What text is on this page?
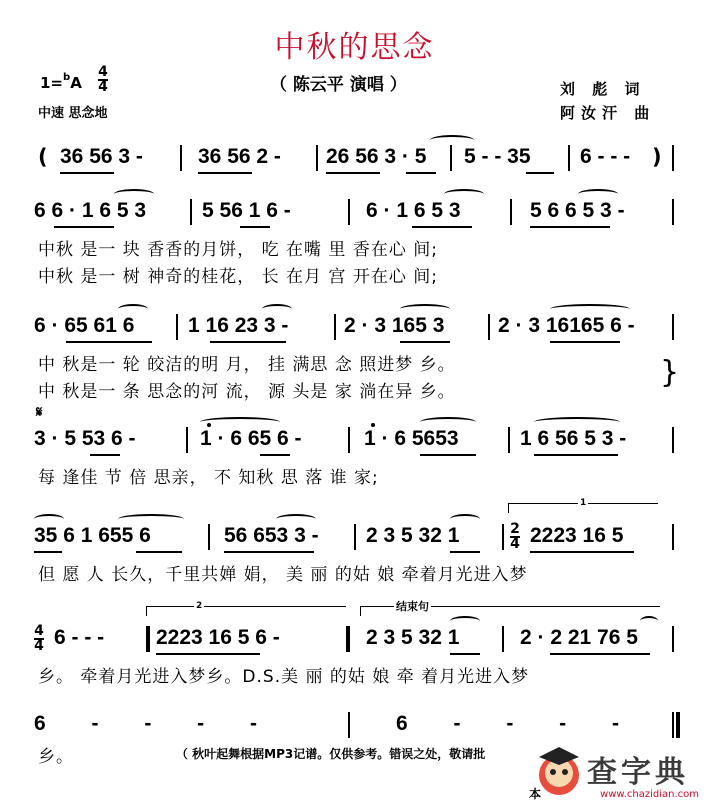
中秋的思念
（ 陈云平 演唱 ）
1=$^b$A
4
4
中速 思念地
刘 彪 词
阿汝汗 曲
( 36 56 3 -	36 56 2 - 26 56 3 · 5 5 - - 35 6 - - - )
6 6 · 1 6 5 3	5 56 1 6 -	6 · 1 6 5 3	5 6 6 5 3 -
中秋 是一 块 香香的月饼， 吃 在嘴 里 香在心 间;
中秋 是一 树 神奇的桂花， 长 在月 宫 开在心 间;
6 · 65 61 6	1 16 23 3 -	2 · 3 165 3	2 · 3 16165 6 -
中 秋是一 轮 皎洁的明 月， 挂 满思 念 照进梦 乡。
中 秋是一 条 思念的河 流， 源 头是 家 淌在异 乡。
}
𝄋
3 · 5 53 6 -	1 · 6 65 6 -	1 · 6 5653	1 6 56 5 3 -
每 逢佳 节 倍 思亲， 不 知秋 思 落 谁 家;
1
35 6 1 655 6	56 653 3 - 2 3 5 32 1	2
4 2223 16 5
但 愿 人 长久，千里共婵 娟， 美 丽 的姑 娘 牵着月光进入梦
2	结束句
4
4 6 - - - 2223 16 5 6 -	2 3 5 32 1	2 · 2 21 76 5
乡。 牵着月光进入梦乡。D.S.美 丽 的姑 娘 牵 着月光进入梦
6 - - - -	6 - - - -
乡。	（ 秋叶起舞根据MP3记谱。仅供参考。错误之处，敬请批
本
查字典
www.chazidian.com
